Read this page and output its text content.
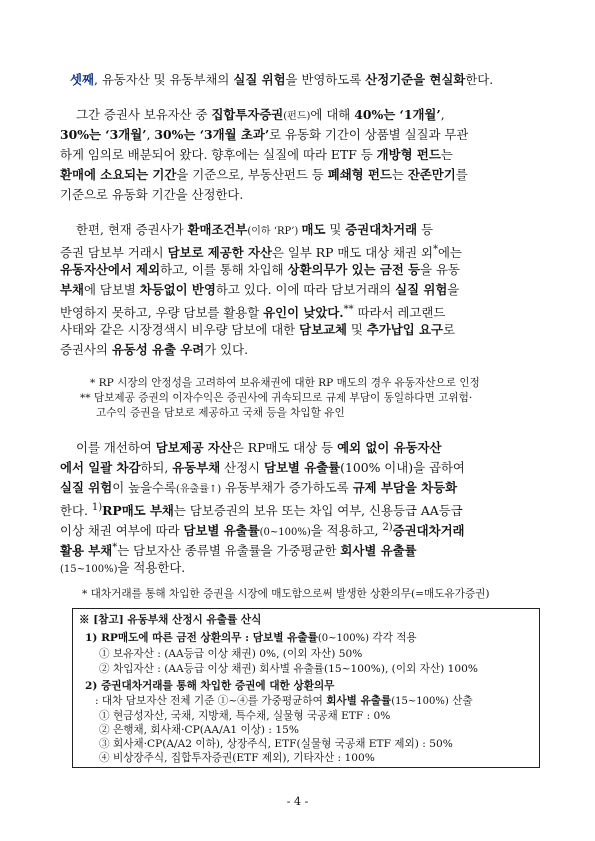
셋째, 유동자산 및 유동부채의 실질 위험을 반영하도록 산정기준을 현실화한다.
그간 증권사 보유자산 중 집합투자증권(펀드)에 대해 40%는 ‘1개월’,
30%는 ‘3개월’, 30%는 ‘3개월 초과’로 유동화 기간이 상품별 실질과 무관
하게 임의로 배분되어 왔다. 향후에는 실질에 따라 ETF 등 개방형 펀드는
환매에 소요되는 기간을 기준으로, 부동산펀드 등 폐쇄형 펀드는 잔존만기를
기준으로 유동화 기간을 산정한다.
한편, 현재 증권사가 환매조건부(이하 ‘RP’) 매도 및 증권대차거래 등
증권 담보부 거래시 담보로 제공한 자산은 일부 RP 매도 대상 채권 외*에는
유동자산에서 제외하고, 이를 통해 차입해 상환의무가 있는 금전 등을 유동
부채에 담보별 차등없이 반영하고 있다. 이에 따라 담보거래의 실질 위험을
반영하지 못하고, 우량 담보를 활용할 유인이 낮았다.** 따라서 레고랜드
사태와 같은 시장경색시 비우량 담보에 대한 담보교체 및 추가납입 요구로
증권사의 유동성 유출 우려가 있다.
* RP 시장의 안정성을 고려하여 보유채권에 대한 RP 매도의 경우 유동자산으로 인정
** 담보제공 증권의 이자수익은 증권사에 귀속되므로 규제 부담이 동일하다면 고위험·
고수익 증권을 담보로 제공하고 국채 등을 차입할 유인
이를 개선하여 담보제공 자산은 RP매도 대상 등 예외 없이 유동자산
에서 일괄 차감하되, 유동부채 산정시 담보별 유출률(100% 이내)을 곱하여
실질 위험이 높을수록(유출률↑) 유동부채가 증가하도록 규제 부담을 차등화
한다. $^{1)}$RP매도 부채는 담보증권의 보유 또는 차입 여부, 신용등급 AA등급
이상 채권 여부에 따라 담보별 유출률(0~100%)을 적용하고, $^{2)}$증권대차거래
활용 부채*는 담보자산 종류별 유출률을 가중평균한 회사별 유출률
(15~100%)을 적용한다.
* 대차거래를 통해 차입한 증권을 시장에 매도함으로써 발생한 상환의무(=매도유가증권)
※ [참고] 유동부채 산정시 유출률 산식
1) RP매도에 따른 금전 상환의무 : 담보별 유출률(0~100%) 각각 적용
① 보유자산 : (AA등급 이상 채권) 0%, (이외 자산) 50%
② 차입자산 : (AA등급 이상 채권) 회사별 유출률(15~100%), (이외 자산) 100%
2) 증권대차거래를 통해 차입한 증권에 대한 상환의무
: 대차 담보자산 전체 기준 ①~④를 가중평균하여 회사별 유출률(15~100%) 산출
① 현금성자산, 국채, 지방채, 특수채, 실물형 국공채 ETF : 0%
② 은행채, 회사채·CP(AA/A1 이상) : 15%
③ 회사채·CP(A/A2 이하), 상장주식, ETF(실물형 국공채 ETF 제외) : 50%
④ 비상장주식, 집합투자증권(ETF 제외), 기타자산 : 100%
- 4 -
